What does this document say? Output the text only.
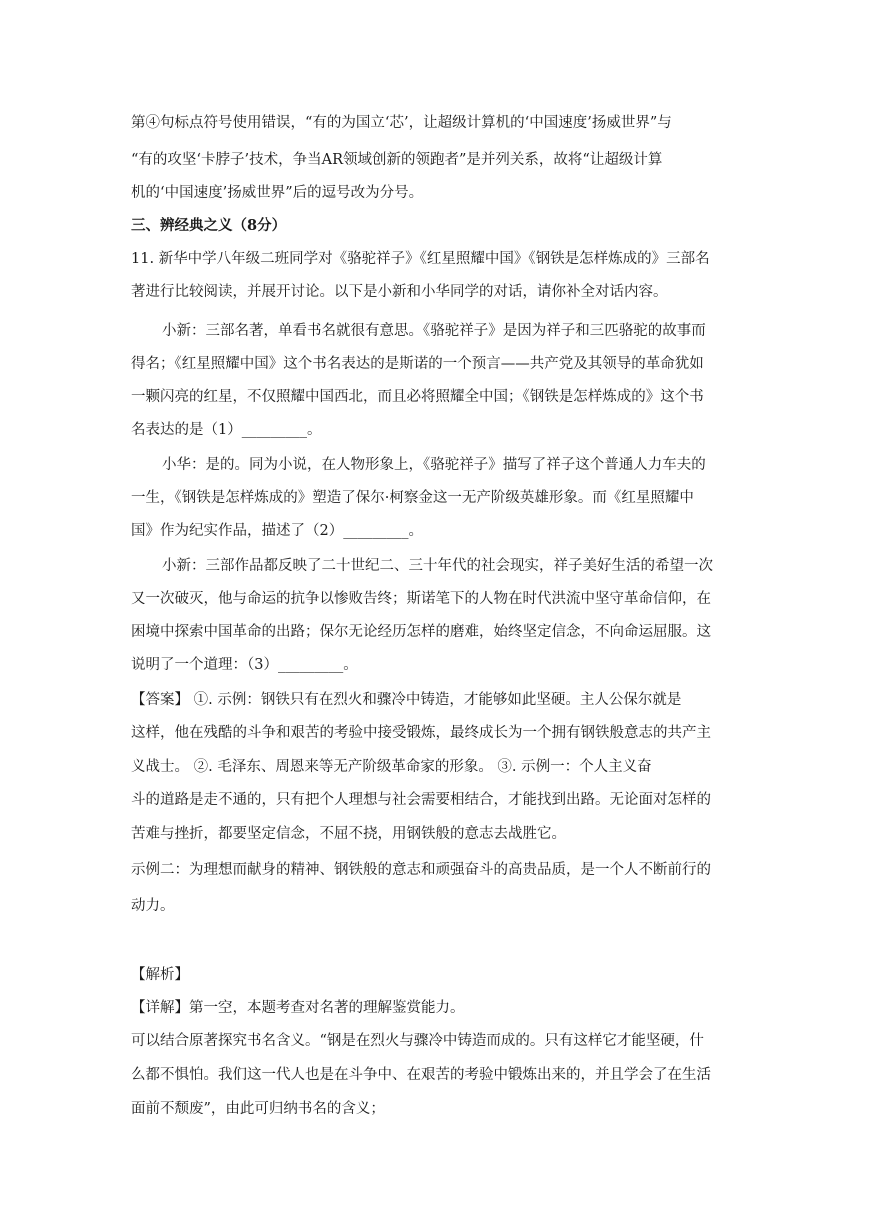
第④句标点符号使用错误，“有的为国立‘芯’，让超级计算机的‘中国速度’扬威世界”与
“有的攻坚‘卡脖子’技术，争当AR领域创新的领跑者”是并列关系，故将“让超级计算
机的‘中国速度’扬威世界”后的逗号改为分号。
三、辨经典之义（8分）
11. 新华中学八年级二班同学对《骆驼祥子》《红星照耀中国》《钢铁是怎样炼成的》三部名
著进行比较阅读，并展开讨论。以下是小新和小华同学的对话，请你补全对话内容。
小新：三部名著，单看书名就很有意思。《骆驼祥子》是因为祥子和三匹骆驼的故事而
得名；《红星照耀中国》这个书名表达的是斯诺的一个预言——共产党及其领导的革命犹如
一颗闪亮的红星，不仅照耀中国西北，而且必将照耀全中国；《钢铁是怎样炼成的》这个书
名表达的是（1）_________。
小华：是的。同为小说，在人物形象上，《骆驼祥子》描写了祥子这个普通人力车夫的
一生，《钢铁是怎样炼成的》塑造了保尔·柯察金这一无产阶级英雄形象。而《红星照耀中
国》作为纪实作品，描述了（2）_________。
小新：三部作品都反映了二十世纪二、三十年代的社会现实，祥子美好生活的希望一次
又一次破灭，他与命运的抗争以惨败告终；斯诺笔下的人物在时代洪流中坚守革命信仰，在
困境中探索中国革命的出路；保尔无论经历怎样的磨难，始终坚定信念，不向命运屈服。这
说明了一个道理：（3）_________。
【答案】 ①. 示例：钢铁只有在烈火和骤冷中铸造，才能够如此坚硬。主人公保尔就是
这样，他在残酷的斗争和艰苦的考验中接受锻炼，最终成长为一个拥有钢铁般意志的共产主
义战士。 ②. 毛泽东、周恩来等无产阶级革命家的形象。 ③. 示例一：个人主义奋
斗的道路是走不通的，只有把个人理想与社会需要相结合，才能找到出路。无论面对怎样的
苦难与挫折，都要坚定信念，不屈不挠，用钢铁般的意志去战胜它。
示例二：为理想而献身的精神、钢铁般的意志和顽强奋斗的高贵品质，是一个人不断前行的
动力。
【解析】
【详解】第一空，本题考查对名著的理解鉴赏能力。
可以结合原著探究书名含义。“钢是在烈火与骤冷中铸造而成的。只有这样它才能坚硬，什
么都不惧怕。我们这一代人也是在斗争中、在艰苦的考验中锻炼出来的，并且学会了在生活
面前不颓废”，由此可归纳书名的含义；
